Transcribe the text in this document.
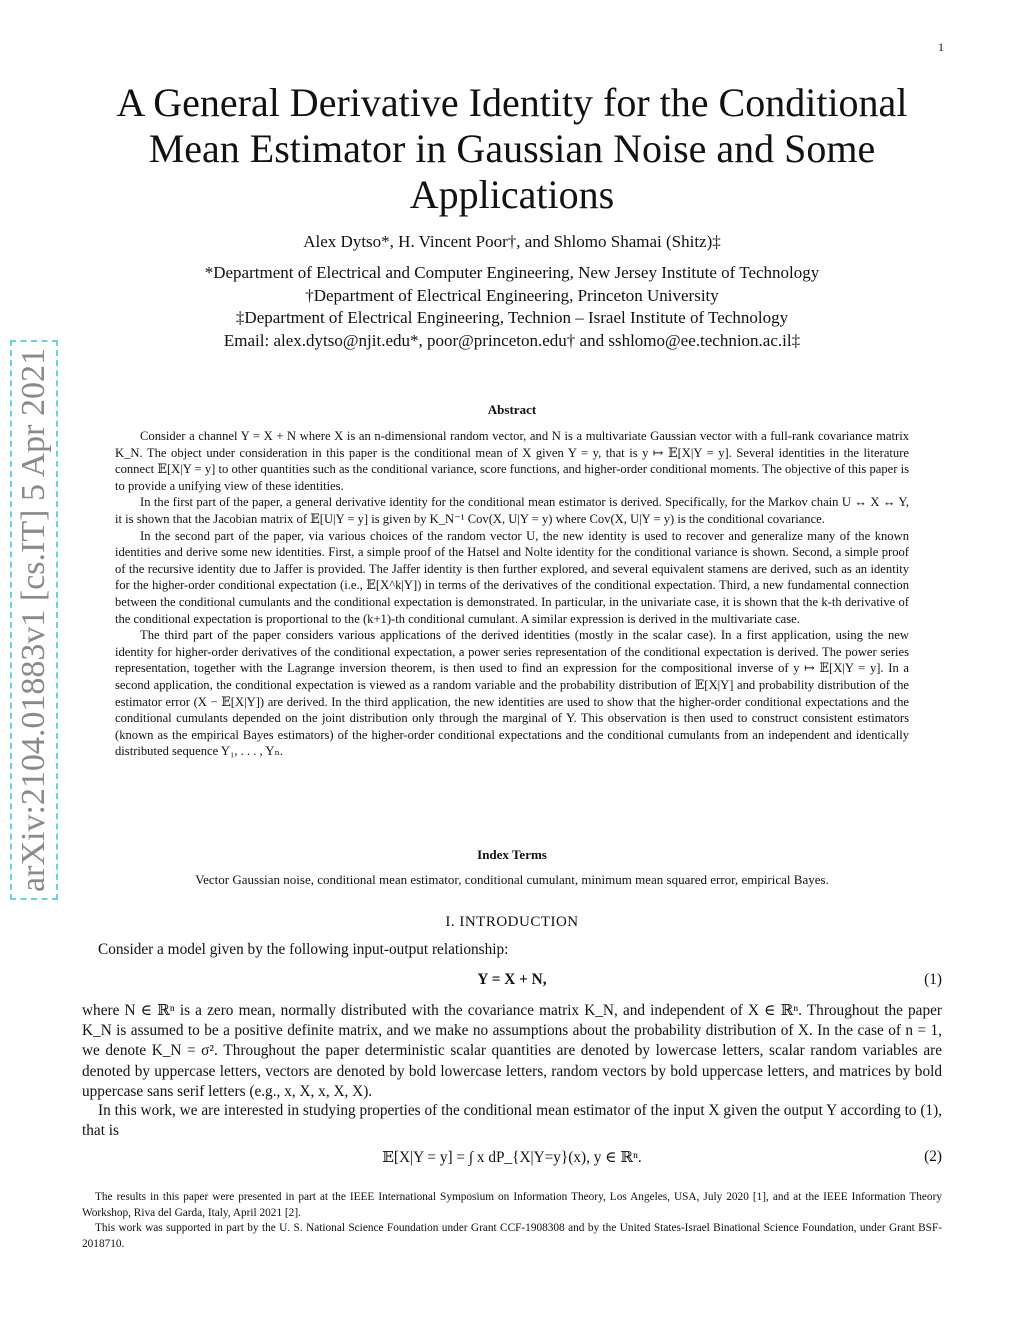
1
arXiv:2104.01883v1 [cs.IT] 5 Apr 2021
A General Derivative Identity for the Conditional Mean Estimator in Gaussian Noise and Some Applications
Alex Dytso*, H. Vincent Poor†, and Shlomo Shamai (Shitz)‡
*Department of Electrical and Computer Engineering, New Jersey Institute of Technology
†Department of Electrical Engineering, Princeton University
‡Department of Electrical Engineering, Technion – Israel Institute of Technology
Email: alex.dytso@njit.edu*, poor@princeton.edu† and sshlomo@ee.technion.ac.il‡
Abstract

Consider a channel Y = X + N where X is an n-dimensional random vector, and N is a multivariate Gaussian vector with a full-rank covariance matrix K_N. The object under consideration in this paper is the conditional mean of X given Y = y, that is y ↦ 𝔼[X|Y = y]. Several identities in the literature connect 𝔼[X|Y = y] to other quantities such as the conditional variance, score functions, and higher-order conditional moments. The objective of this paper is to provide a unifying view of these identities.

In the first part of the paper, a general derivative identity for the conditional mean estimator is derived. Specifically, for the Markov chain U ↔ X ↔ Y, it is shown that the Jacobian matrix of 𝔼[U|Y = y] is given by K_N⁻¹ Cov(X, U|Y = y) where Cov(X, U|Y = y) is the conditional covariance.

In the second part of the paper, via various choices of the random vector U, the new identity is used to recover and generalize many of the known identities and derive some new identities. First, a simple proof of the Hatsel and Nolte identity for the conditional variance is shown. Second, a simple proof of the recursive identity due to Jaffer is provided. The Jaffer identity is then further explored, and several equivalent stamens are derived, such as an identity for the higher-order conditional expectation (i.e., 𝔼[X^k|Y]) in terms of the derivatives of the conditional expectation. Third, a new fundamental connection between the conditional cumulants and the conditional expectation is demonstrated. In particular, in the univariate case, it is shown that the k-th derivative of the conditional expectation is proportional to the (k+1)-th conditional cumulant. A similar expression is derived in the multivariate case.

The third part of the paper considers various applications of the derived identities (mostly in the scalar case). In a first application, using the new identity for higher-order derivatives of the conditional expectation, a power series representation of the conditional expectation is derived. The power series representation, together with the Lagrange inversion theorem, is then used to find an expression for the compositional inverse of y ↦ 𝔼[X|Y = y]. In a second application, the conditional expectation is viewed as a random variable and the probability distribution of 𝔼[X|Y] and probability distribution of the estimator error (X − 𝔼[X|Y]) are derived. In the third application, the new identities are used to show that the higher-order conditional expectations and the conditional cumulants depended on the joint distribution only through the marginal of Y. This observation is then used to construct consistent estimators (known as the empirical Bayes estimators) of the higher-order conditional expectations and the conditional cumulants from an independent and identically distributed sequence Y₁, . . . , Yₙ.

Index Terms
Vector Gaussian noise, conditional mean estimator, conditional cumulant, minimum mean squared error, empirical Bayes.
I. INTRODUCTION

Consider a model given by the following input-output relationship:

Y = X + N,	(1)

where N ∈ ℝⁿ is a zero mean, normally distributed with the covariance matrix K_N, and independent of X ∈ ℝⁿ. Throughout the paper K_N is assumed to be a positive definite matrix, and we make no assumptions about the probability distribution of X. In the case of n = 1, we denote K_N = σ². Throughout the paper deterministic scalar quantities are denoted by lowercase letters, scalar random variables are denoted by uppercase letters, vectors are denoted by bold lowercase letters, random vectors by bold uppercase letters, and matrices by bold uppercase sans serif letters (e.g., x, X, x, X, X).

In this work, we are interested in studying properties of the conditional mean estimator of the input X given the output Y according to (1), that is

𝔼[X|Y = y] = ∫ x dP_{X|Y=y}(x), y ∈ ℝⁿ.	(2)

The results in this paper were presented in part at the IEEE International Symposium on Information Theory, Los Angeles, USA, July 2020 [1], and at the IEEE Information Theory Workshop, Riva del Garda, Italy, April 2021 [2].

This work was supported in part by the U. S. National Science Foundation under Grant CCF-1908308 and by the United States-Israel Binational Science Foundation, under Grant BSF-2018710.
